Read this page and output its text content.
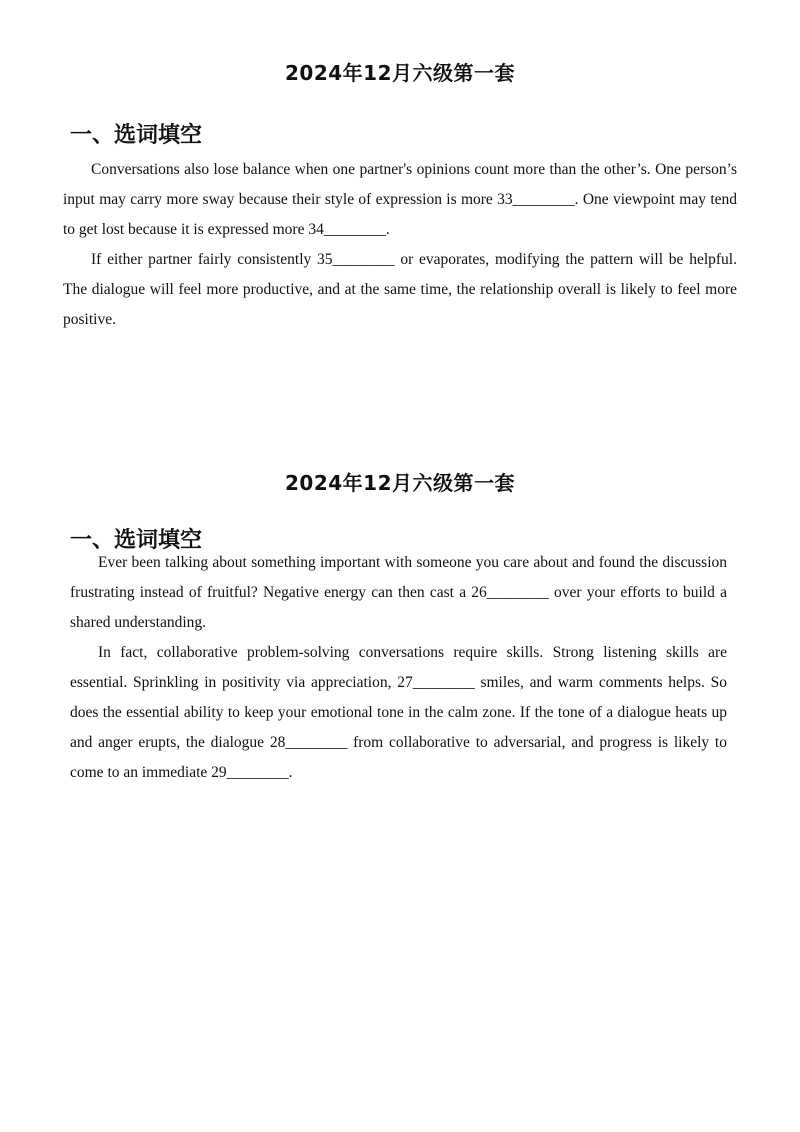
2024年12月六级第一套
一、选词填空

Conversations also lose balance when one partner's opinions count more than the other’s. One person’s input may carry more sway because their style of expression is more 33________. One viewpoint may tend to get lost because it is expressed more 34________.

If either partner fairly consistently 35________ or evaporates, modifying the pattern will be helpful. The dialogue will feel more productive, and at the same time, the relationship overall is likely to feel more positive.

2024年12月六级第一套
一、选词填空

Ever been talking about something important with someone you care about and found the discussion frustrating instead of fruitful? Negative energy can then cast a 26________ over your efforts to build a shared understanding.

In fact, collaborative problem-solving conversations require skills. Strong listening skills are essential. Sprinkling in positivity via appreciation, 27________ smiles, and warm comments helps. So does the essential ability to keep your emotional tone in the calm zone. If the tone of a dialogue heats up and anger erupts, the dialogue 28________ from collaborative to adversarial, and progress is likely to come to an immediate 29________.
